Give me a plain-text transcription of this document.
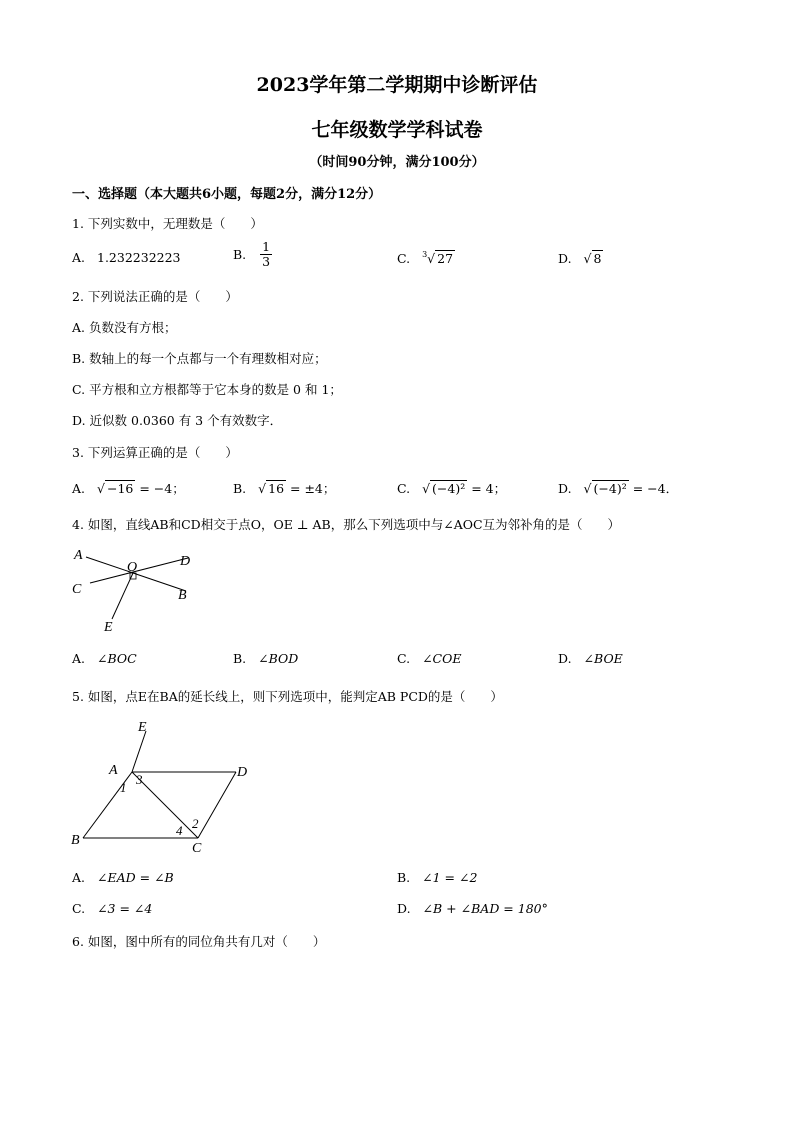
2023学年第二学期期中诊断评估
七年级数学学科试卷
（时间90分钟，满分100分）
一、选择题（本大题共6小题，每题2分，满分12分）
1. 下列实数中，无理数是（　　）
A. 1.232232223	B. $\frac{1}{3}$	C. $^3$√ 27	D. √ 8
2. 下列说法正确的是（　　）
A. 负数没有方根；
B. 数轴上的每一个点都与一个有理数相对应；
C. 平方根和立方根都等于它本身的数是 0 和 1；
D. 近似数 0.0360 有 3 个有效数字．
3. 下列运算正确的是（　　）
A. √ −16 = −4；	B. √ 16 = ±4；	C. √ (−4)² = 4；	D. √ (−4)² = −4．
4. 如图，直线AB和CD相交于点O，OE ⊥ AB，那么下列选项中与∠AOC互为邻补角的是（　　）
A
O	D
C	B
E
A. ∠BOC	B. ∠BOD	C. ∠COE	D. ∠BOE
5. 如图，点E在BA的延长线上，则下列选项中，能判定AB PCD的是（　　）
E
A
3
1
D
B
4 2
C
A. ∠EAD = ∠B	B. ∠1 = ∠2
C. ∠3 = ∠4	D. ∠B + ∠BAD = 180°
6. 如图，图中所有的同位角共有几对（　　）
